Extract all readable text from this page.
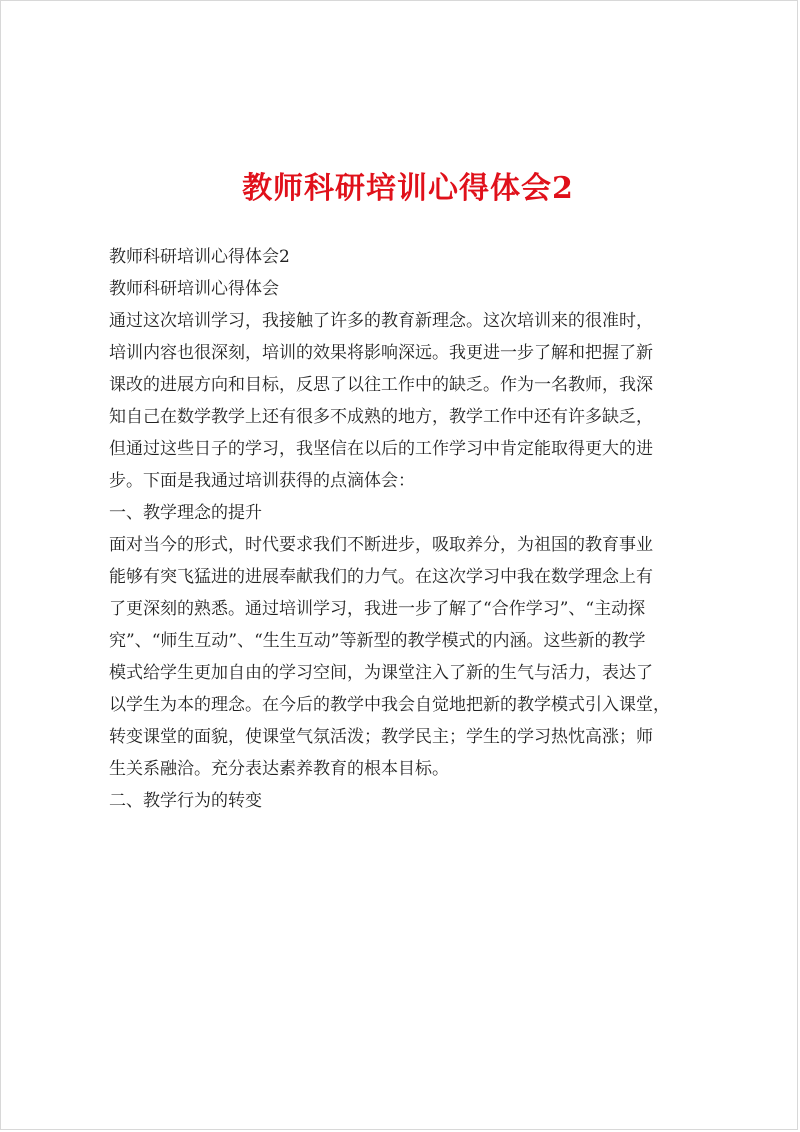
教师科研培训心得体会2

教师科研培训心得体会2

教师科研培训心得体会

通过这次培训学习，我接触了许多的教育新理念。这次培训来的很准时，

培训内容也很深刻，培训的效果将影响深远。我更进一步了解和把握了新

课改的进展方向和目标，反思了以往工作中的缺乏。作为一名教师，我深

知自己在数学教学上还有很多不成熟的地方，教学工作中还有许多缺乏，

但通过这些日子的学习，我坚信在以后的工作学习中肯定能取得更大的进

步。下面是我通过培训获得的点滴体会：

一、教学理念的提升

面对当今的形式，时代要求我们不断进步，吸取养分，为祖国的教育事业

能够有突飞猛进的进展奉献我们的力气。在这次学习中我在数学理念上有

了更深刻的熟悉。通过培训学习，我进一步了解了“合作学习”、“主动探

究”、“师生互动”、“生生互动”等新型的教学模式的内涵。这些新的教学

模式给学生更加自由的学习空间，为课堂注入了新的生气与活力，表达了

以学生为本的理念。在今后的教学中我会自觉地把新的教学模式引入课堂，

转变课堂的面貌，使课堂气氛活泼；教学民主；学生的学习热忱高涨；师

生关系融洽。充分表达素养教育的根本目标。

二、教学行为的转变
